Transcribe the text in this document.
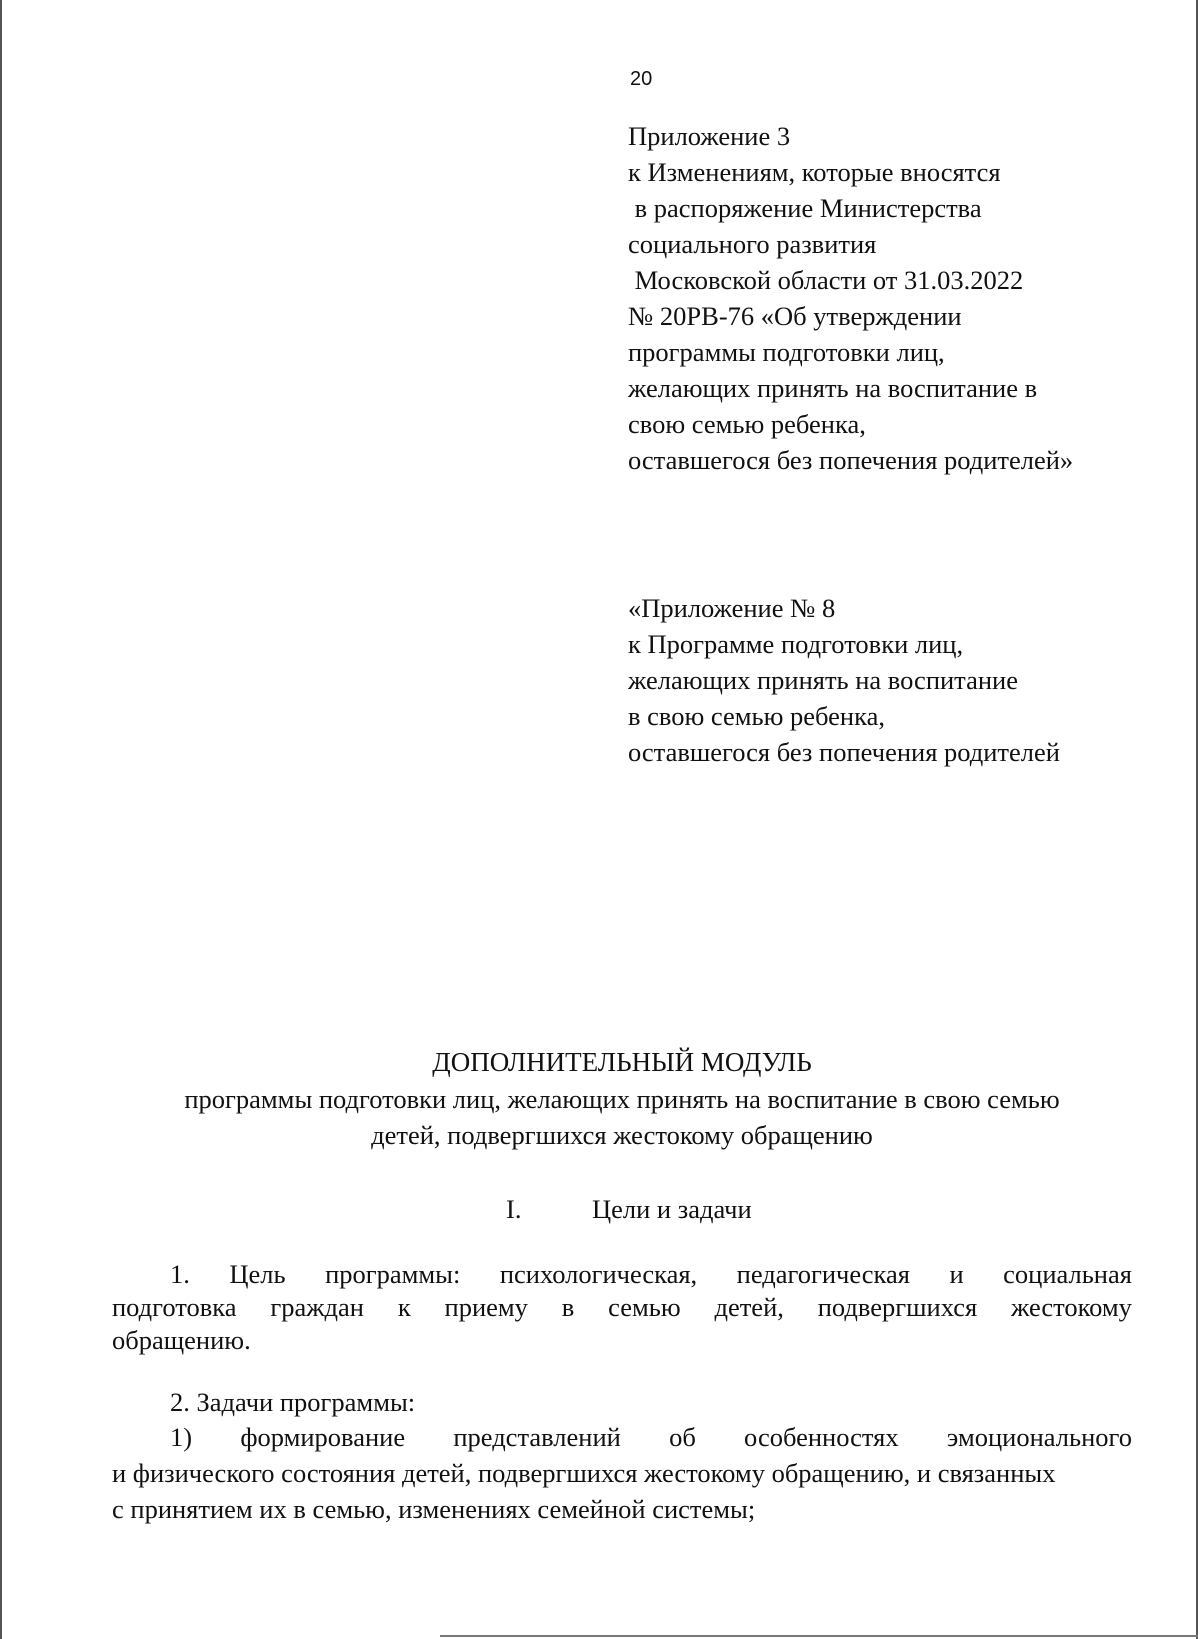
20
Приложение 3
к Изменениям, которые вносятся
в распоряжение Министерства
социального развития
Московской области от 31.03.2022
№ 20РВ-76 «Об утверждении
программы подготовки лиц,
желающих принять на воспитание в
свою семью ребенка,
оставшегося без попечения родителей»
«Приложение № 8
к Программе подготовки лиц,
желающих принять на воспитание
в свою семью ребенка,
оставшегося без попечения родителей
ДОПОЛНИТЕЛЬНЫЙ МОДУЛЬ
программы подготовки лиц, желающих принять на воспитание в свою семью
детей, подвергшихся жестокому обращению
I.	Цели и задачи
1. Цель программы: психологическая, педагогическая и социальная
подготовка граждан к приему в семью детей, подвергшихся жестокому
обращению.
2. Задачи программы:
1) формирование представлений об особенностях эмоционального
и физического состояния детей, подвергшихся жестокому обращению, и связанных
с принятием их в семью, изменениях семейной системы;
